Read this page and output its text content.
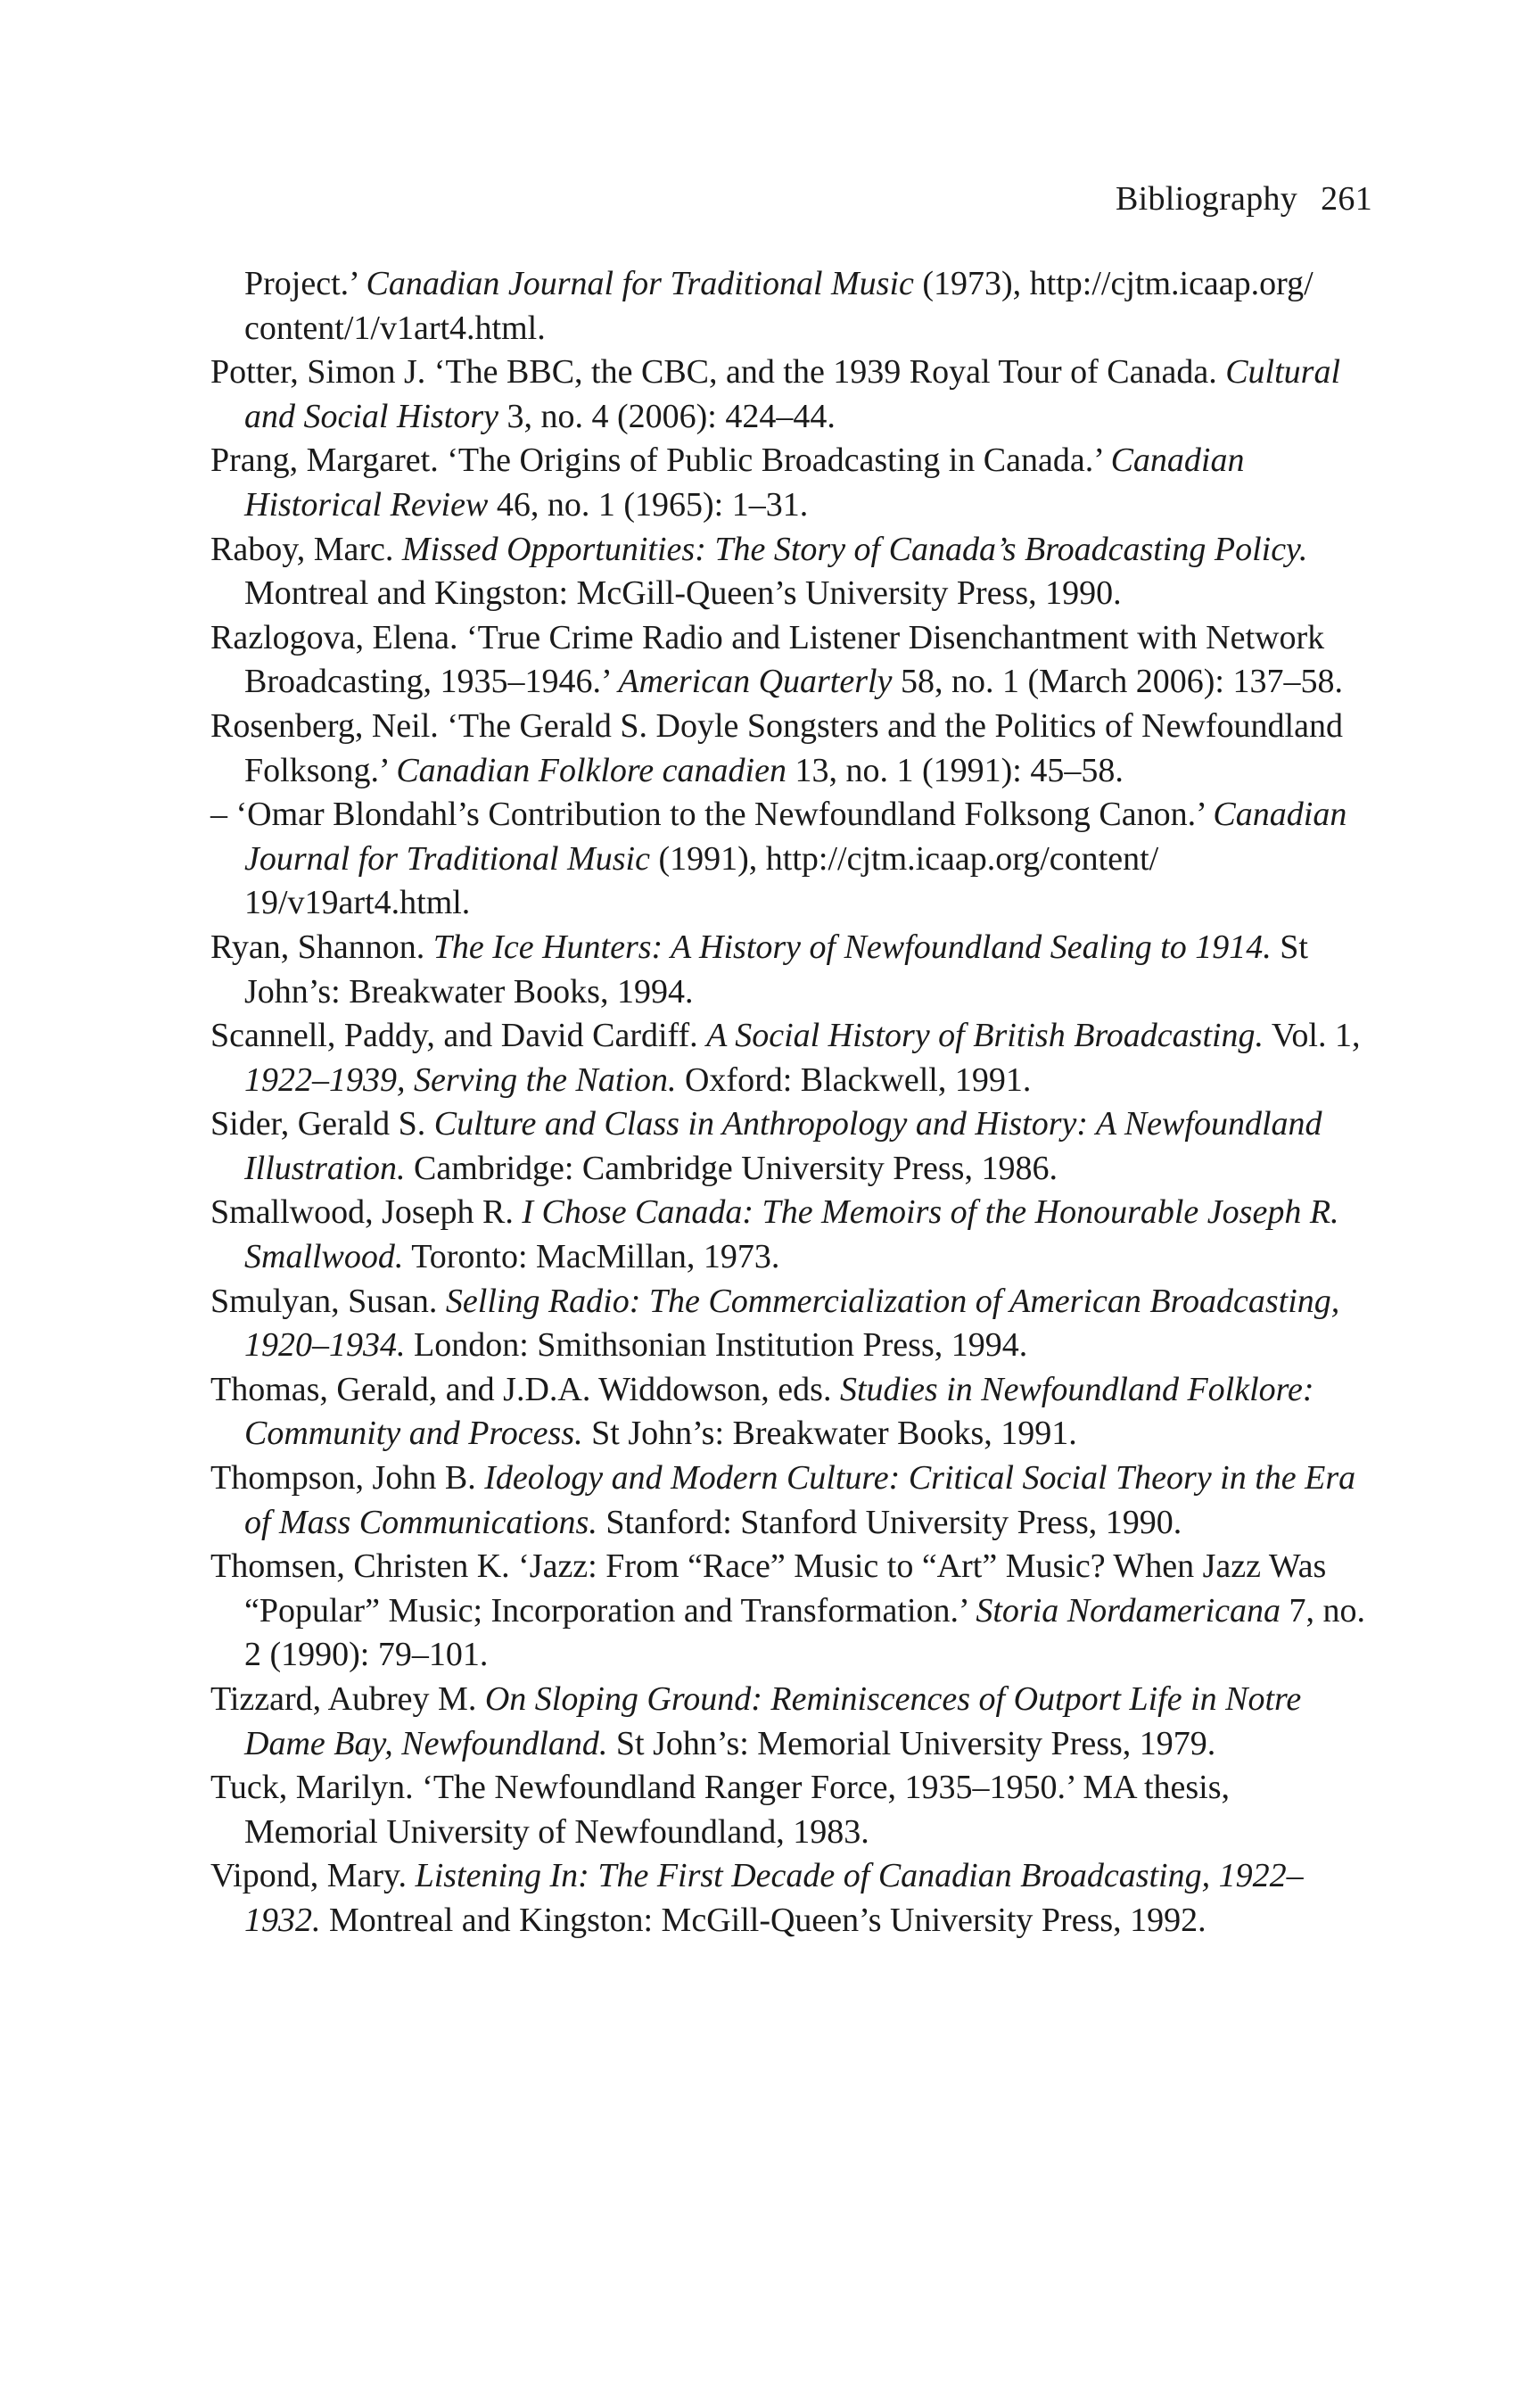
Bibliography 261
Project.’ Canadian Journal for Traditional Music (1973), http://cjtm.icaap.org/ content/1/v1art4.html.
Potter, Simon J. ‘The BBC, the CBC, and the 1939 Royal Tour of Canada. Cultural and Social History 3, no. 4 (2006): 424–44.
Prang, Margaret. ‘The Origins of Public Broadcasting in Canada.’ Canadian Historical Review 46, no. 1 (1965): 1–31.
Raboy, Marc. Missed Opportunities: The Story of Canada’s Broadcasting Policy. Montreal and Kingston: McGill-Queen’s University Press, 1990.
Razlogova, Elena. ‘True Crime Radio and Listener Disenchantment with Network Broadcasting, 1935–1946.’ American Quarterly 58, no. 1 (March 2006): 137–58.
Rosenberg, Neil. ‘The Gerald S. Doyle Songsters and the Politics of Newfoundland Folksong.’ Canadian Folklore canadien 13, no. 1 (1991): 45–58.
– ‘Omar Blondahl’s Contribution to the Newfoundland Folksong Canon.’ Canadian Journal for Traditional Music (1991), http://cjtm.icaap.org/content/ 19/v19art4.html.
Ryan, Shannon. The Ice Hunters: A History of Newfoundland Sealing to 1914. St John’s: Breakwater Books, 1994.
Scannell, Paddy, and David Cardiff. A Social History of British Broadcasting. Vol. 1, 1922–1939, Serving the Nation. Oxford: Blackwell, 1991.
Sider, Gerald S. Culture and Class in Anthropology and History: A Newfoundland Illustration. Cambridge: Cambridge University Press, 1986.
Smallwood, Joseph R. I Chose Canada: The Memoirs of the Honourable Joseph R. Smallwood. Toronto: MacMillan, 1973.
Smulyan, Susan. Selling Radio: The Commercialization of American Broadcasting, 1920–1934. London: Smithsonian Institution Press, 1994.
Thomas, Gerald, and J.D.A. Widdowson, eds. Studies in Newfoundland Folklore: Community and Process. St John’s: Breakwater Books, 1991.
Thompson, John B. Ideology and Modern Culture: Critical Social Theory in the Era of Mass Communications. Stanford: Stanford University Press, 1990.
Thomsen, Christen K. ‘Jazz: From “Race” Music to “Art” Music? When Jazz Was “Popular” Music; Incorporation and Transformation.’ Storia Nordamericana 7, no. 2 (1990): 79–101.
Tizzard, Aubrey M. On Sloping Ground: Reminiscences of Outport Life in Notre Dame Bay, Newfoundland. St John’s: Memorial University Press, 1979.
Tuck, Marilyn. ‘The Newfoundland Ranger Force, 1935–1950.’ MA thesis, Memorial University of Newfoundland, 1983.
Vipond, Mary. Listening In: The First Decade of Canadian Broadcasting, 1922–1932. Montreal and Kingston: McGill-Queen’s University Press, 1992.
